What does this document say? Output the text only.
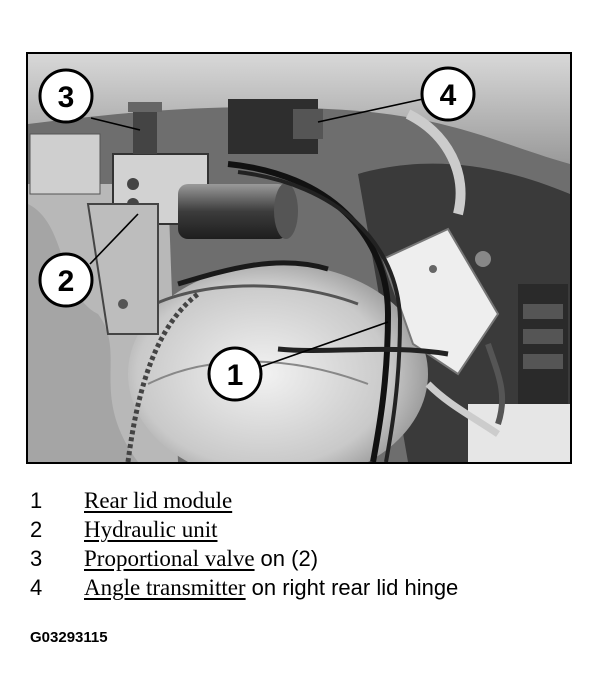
3	4
2
1
1	Rear lid module
2	Hydraulic unit
3	Proportional valve on (2)
4	Angle transmitter on right rear lid hinge
G03293115
